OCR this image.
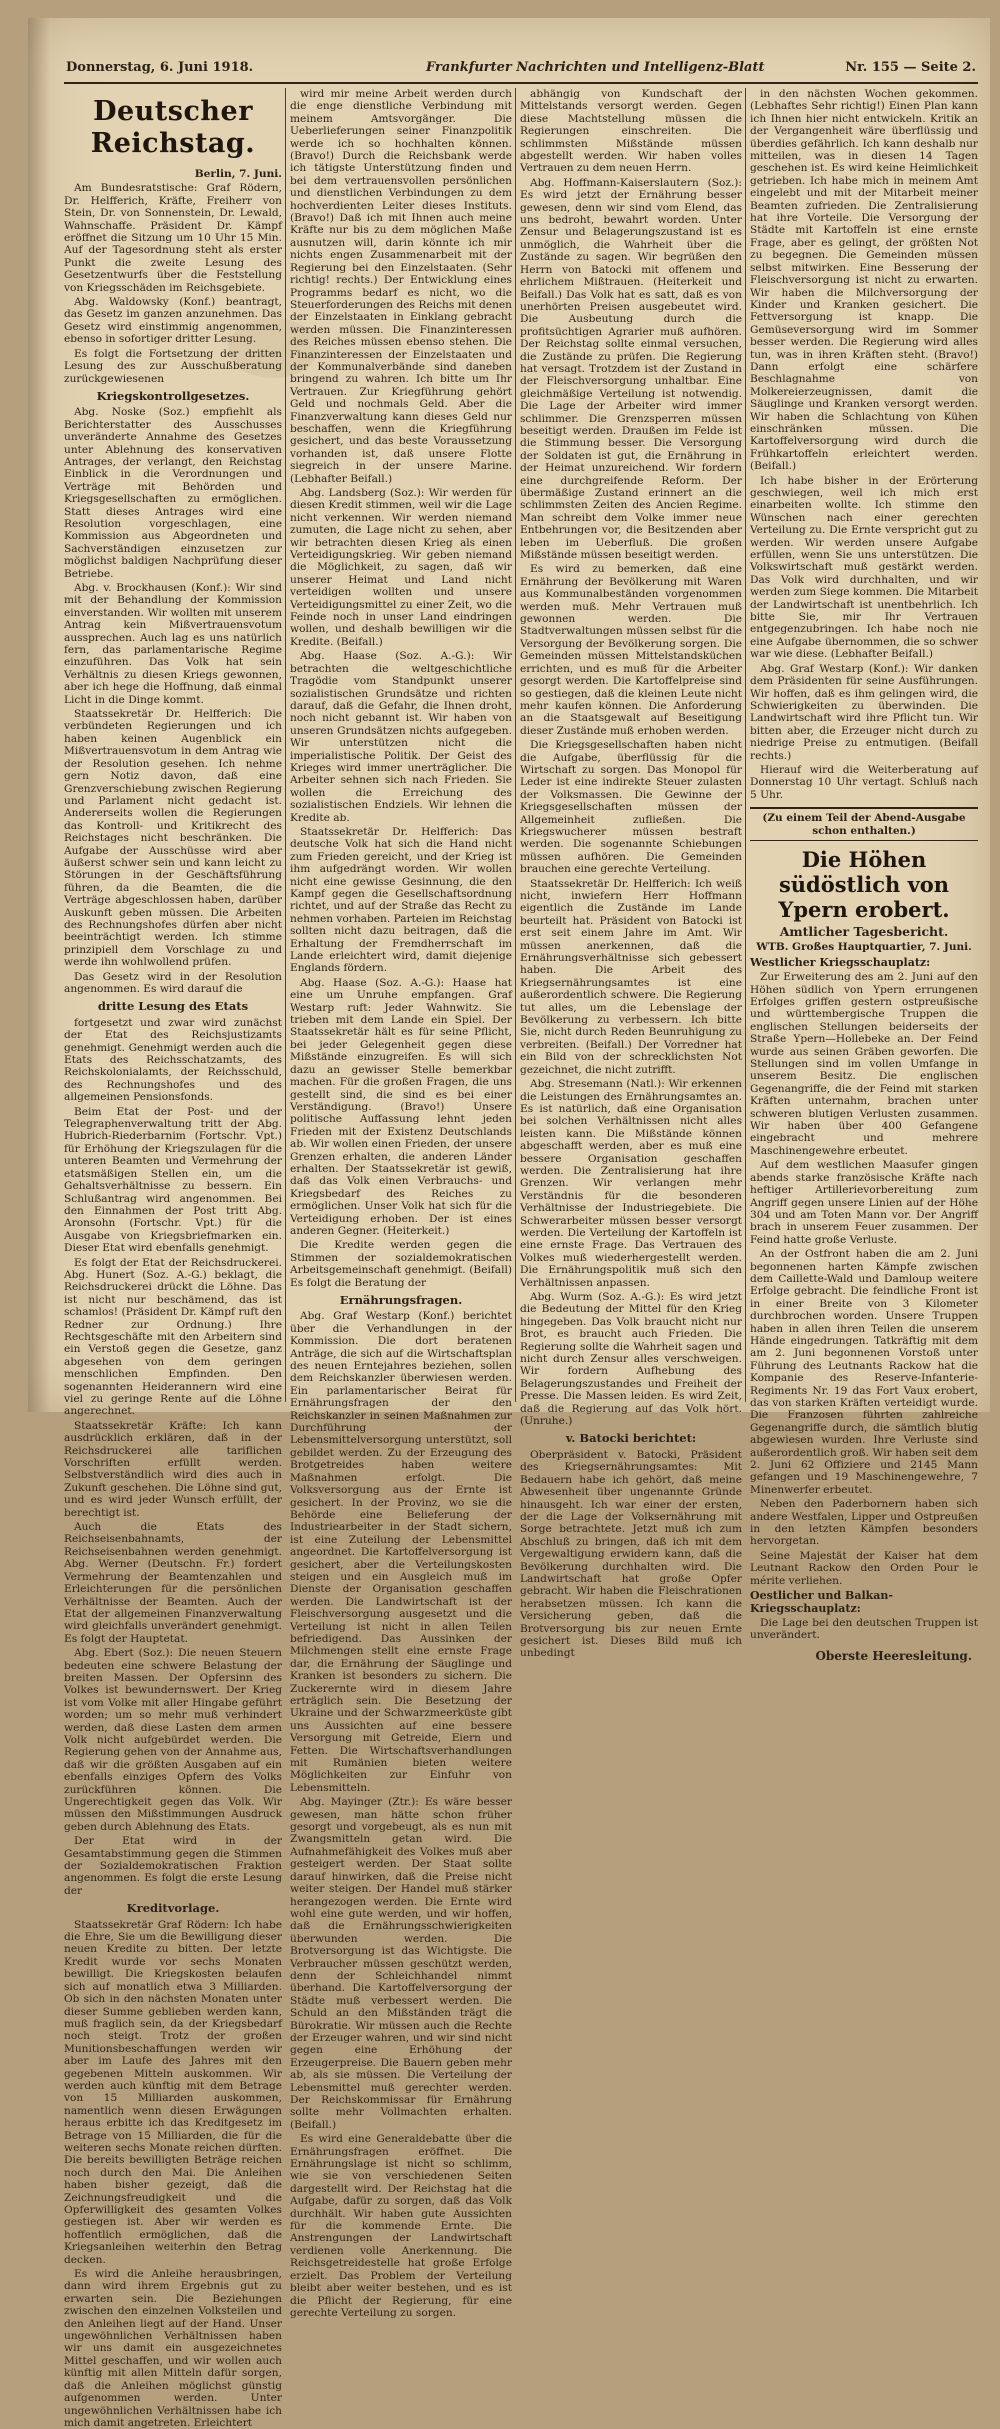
Donnerstag, 6. Juni 1918.	Frankfurter Nachrichten und Intelligenz-Blatt	Nr. 155 — Seite 2.
Deutscher Reichstag.
Berlin, 7. Juni.

Am Bundesratstische: Graf Rödern, Dr. Helfferich, Kräfte, Freiherr von Stein, Dr. von Sonnenstein, Dr. Lewald, Wahnschaffe. Präsident Dr. Kämpf eröffnet die Sitzung um 10 Uhr 15 Min. Auf der Tagesordnung steht als erster Punkt die zweite Lesung des Gesetzentwurfs über die Feststellung von Kriegsschäden im Reichsgebiete.

Abg. Waldowsky (Konf.) beantragt, das Gesetz im ganzen anzunehmen. Das Gesetz wird einstimmig angenommen, ebenso in sofortiger dritter Lesung.

Es folgt die Fortsetzung der dritten Lesung des zur Ausschußberatung zurückgewiesenen

Kriegskontrollgesetzes.

Abg. Noske (Soz.) empfiehlt als Berichterstatter des Ausschusses unveränderte Annahme des Gesetzes unter Ablehnung des konservativen Antrages, der verlangt, den Reichstag Einblick in die Verordnungen und Verträge mit Behörden und Kriegsgesellschaften zu ermöglichen. Statt dieses Antrages wird eine Resolution vorgeschlagen, eine Kommission aus Abgeordneten und Sachverständigen einzusetzen zur möglichst baldigen Nachprüfung dieser Betriebe.

Abg. v. Brockhausen (Konf.): Wir sind mit der Behandlung der Kommission einverstanden. Wir wollten mit unserem Antrag kein Mißvertrauensvotum aussprechen. Auch lag es uns natürlich fern, das parlamentarische Regime einzuführen. Das Volk hat sein Verhältnis zu diesen Kriegs gewonnen, aber ich hege die Hoffnung, daß einmal Licht in die Dinge kommt.

Staatssekretär Dr. Helfferich: Die verbündeten Regierungen und ich haben keinen Augenblick ein Mißvertrauensvotum in dem Antrag wie der Resolution gesehen. Ich nehme gern Notiz davon, daß eine Grenzverschiebung zwischen Regierung und Parlament nicht gedacht ist. Andererseits wollen die Regierungen das Kontroll- und Kritikrecht des Reichstages nicht beschränken. Die Aufgabe der Ausschüsse wird aber äußerst schwer sein und kann leicht zu Störungen in der Geschäftsführung führen, da die Beamten, die die Verträge abgeschlossen haben, darüber Auskunft geben müssen. Die Arbeiten des Rechnungshofes dürfen aber nicht beeinträchtigt werden. Ich stimme prinzipiell dem Vorschlage zu und werde ihn wohlwollend prüfen.

Das Gesetz wird in der Resolution angenommen. Es wird darauf die

dritte Lesung des Etats

fortgesetzt und zwar wird zunächst der Etat des Reichsjustizamts genehmigt. Genehmigt werden auch die Etats des Reichsschatzamts, des Reichskolonialamts, der Reichsschuld, des Rechnungshofes und des allgemeinen Pensionsfonds.

Beim Etat der Post- und der Telegraphenverwaltung tritt der Abg. Hubrich-Riederbarnim (Fortschr. Vpt.) für Erhöhung der Kriegszulagen für die unteren Beamten und Vermehrung der etatsmäßigen Stellen ein, um die Gehaltsverhältnisse zu bessern. Ein Schlußantrag wird angenommen. Bei den Einnahmen der Post tritt Abg. Aronsohn (Fortschr. Vpt.) für die Ausgabe von Kriegsbriefmarken ein. Dieser Etat wird ebenfalls genehmigt.

Es folgt der Etat der Reichsdruckerei. Abg. Hunert (Soz. A.-G.) beklagt, die Reichsdruckerei drückt die Löhne. Das ist nicht nur beschämend, das ist schamlos! (Präsident Dr. Kämpf ruft den Redner zur Ordnung.) Ihre Rechtsgeschäfte mit den Arbeitern sind ein Verstoß gegen die Gesetze, ganz abgesehen von dem geringen menschlichen Empfinden. Den sogenannten Heiderannern wird eine viel zu geringe Rente auf die Löhne angerechnet.

Staatssekretär Kräfte: Ich kann ausdrücklich erklären, daß in der Reichsdruckerei alle tariflichen Vorschriften erfüllt werden. Selbstverständlich wird dies auch in Zukunft geschehen. Die Löhne sind gut, und es wird jeder Wunsch erfüllt, der berechtigt ist.

Auch die Etats des Reichseisenbahnamts, der Reichseisenbahnen werden genehmigt. Abg. Werner (Deutschn. Fr.) fordert Vermehrung der Beamtenzahlen und Erleichterungen für die persönlichen Verhältnisse der Beamten. Auch der Etat der allgemeinen Finanzverwaltung wird gleichfalls unverändert genehmigt. Es folgt der Hauptetat.

Abg. Ebert (Soz.): Die neuen Steuern bedeuten eine schwere Belastung der breiten Massen. Der Opfersinn des Volkes ist bewundernswert. Der Krieg ist vom Volke mit aller Hingabe geführt worden; um so mehr muß verhindert werden, daß diese Lasten dem armen Volk nicht aufgebürdet werden. Die Regierung gehen von der Annahme aus, daß wir die größten Ausgaben auf ein ebenfalls einziges Opfern des Volks zurückführen können. Die Ungerechtigkeit gegen das Volk. Wir müssen den Mißstimmungen Ausdruck geben durch Ablehnung des Etats.

Der Etat wird in der Gesamtabstimmung gegen die Stimmen der Sozialdemokratischen Fraktion angenommen. Es folgt die erste Lesung der

Kreditvorlage.

Staatssekretär Graf Rödern: Ich habe die Ehre, Sie um die Bewilligung dieser neuen Kredite zu bitten. Der letzte Kredit wurde vor sechs Monaten bewilligt. Die Kriegskosten belaufen sich auf monatlich etwa 3 Milliarden. Ob sich in den nächsten Monaten unter dieser Summe geblieben werden kann, muß fraglich sein, da der Kriegsbedarf noch steigt. Trotz der großen Munitionsbeschaffungen werden wir aber im Laufe des Jahres mit den gegebenen Mitteln auskommen. Wir werden auch künftig mit dem Betrage von 15 Milliarden auskommen, namentlich wenn diesen Erwägungen heraus erbitte ich das Kreditgesetz im Betrage von 15 Milliarden, die für die weiteren sechs Monate reichen dürften. Die bereits bewilligten Beträge reichen noch durch den Mai. Die Anleihen haben bisher gezeigt, daß die Zeichnungsfreudigkeit und die Opferwilligkeit des gesamten Volkes gestiegen ist. Aber wir werden es hoffentlich ermöglichen, daß die Kriegsanleihen weiterhin den Betrag decken.

Es wird die Anleihe herausbringen, dann wird ihrem Ergebnis gut zu erwarten sein. Die Beziehungen zwischen den einzelnen Volksteilen und den Anleihen liegt auf der Hand. Unser ungewöhnlichen Verhältnissen haben wir uns damit ein ausgezeichnetes Mittel geschaffen, und wir wollen auch künftig mit allen Mitteln dafür sorgen, daß die Anleihen möglichst günstig aufgenommen werden. Unter ungewöhnlichen Verhältnissen habe ich mich damit angetreten. Erleichtert

wird mir meine Arbeit werden durch die enge dienstliche Verbindung mit meinem Amtsvorgänger. Die Ueberlieferungen seiner Finanzpolitik werde ich so hochhalten können. (Bravo!) Durch die Reichsbank werde ich tätigste Unterstützung finden und bei dem vertrauensvollen persönlichen und dienstlichen Verbindungen zu dem hochverdienten Leiter dieses Instituts. (Bravo!) Daß ich mit Ihnen auch meine Kräfte nur bis zu dem möglichen Maße ausnutzen will, darin könnte ich mir nichts engen Zusammenarbeit mit der Regierung bei den Einzelstaaten. (Sehr richtig! rechts.) Der Entwicklung eines Programms bedarf es nicht, wo die Steuerforderungen des Reichs mit denen der Einzelstaaten in Einklang gebracht werden müssen. Die Finanzinteressen des Reiches müssen ebenso stehen. Die Finanzinteressen der Einzelstaaten und der Kommunalverbände sind daneben bringend zu wahren. Ich bitte um Ihr Vertrauen. Zur Kriegführung gehört Geld und nochmals Geld. Aber die Finanzverwaltung kann dieses Geld nur beschaffen, wenn die Kriegführung gesichert, und das beste Voraussetzung vorhanden ist, daß unsere Flotte siegreich in der unsere Marine. (Lebhafter Beifall.)

Abg. Landsberg (Soz.): Wir werden für diesen Kredit stimmen, weil wir die Lage nicht verkennen. Wir werden niemand zumuten, die Lage nicht zu sehen, aber wir betrachten diesen Krieg als einen Verteidigungskrieg. Wir geben niemand die Möglichkeit, zu sagen, daß wir unserer Heimat und Land nicht verteidigen wollten und unsere Verteidigungsmittel zu einer Zeit, wo die Feinde noch in unser Land eindringen wollen, und deshalb bewilligen wir die Kredite. (Beifall.)

Abg. Haase (Soz. A.-G.): Wir betrachten die weltgeschichtliche Tragödie vom Standpunkt unserer sozialistischen Grundsätze und richten darauf, daß die Gefahr, die Ihnen droht, noch nicht gebannt ist. Wir haben von unseren Grundsätzen nichts aufgegeben. Wir unterstützen nicht die imperialistische Politik. Der Geist des Krieges wird immer unerträglicher. Die Arbeiter sehnen sich nach Frieden. Sie wollen die Erreichung des sozialistischen Endziels. Wir lehnen die Kredite ab.

Staatssekretär Dr. Helfferich: Das deutsche Volk hat sich die Hand nicht zum Frieden gereicht, und der Krieg ist ihm aufgedrängt worden. Wir wollen nicht eine gewisse Gesinnung, die den Kampf gegen die Gesellschaftsordnung richtet, und auf der Straße das Recht zu nehmen vorhaben. Parteien im Reichstag sollten nicht dazu beitragen, daß die Erhaltung der Fremdherrschaft im Lande erleichtert wird, damit diejenige Englands fördern.

Abg. Haase (Soz. A.-G.): Haase hat eine um Unruhe empfangen. Graf Westarp ruft: Jeder Wahnwitz. Sie trieben mit dem Lande ein Spiel. Der Staatssekretär hält es für seine Pflicht, bei jeder Gelegenheit gegen diese Mißstände einzugreifen. Es will sich dazu an gewisser Stelle bemerkbar machen. Für die großen Fragen, die uns gestellt sind, die sind es bei einer Verständigung. (Bravo!) Unsere politische Auffassung lehnt jeden Frieden mit der Existenz Deutschlands ab. Wir wollen einen Frieden, der unsere Grenzen erhalten, die anderen Länder erhalten. Der Staatssekretär ist gewiß, daß das Volk einen Verbrauchs- und Kriegsbedarf des Reiches zu ermöglichen. Unser Volk hat sich für die Verteidigung erhoben. Der ist eines anderen Gegner. (Heiterkeit.)

Die Kredite werden gegen die Stimmen der sozialdemokratischen Arbeitsgemeinschaft genehmigt. (Beifall) Es folgt die Beratung der

Ernährungsfragen.

Abg. Graf Westarp (Konf.) berichtet über die Verhandlungen in der Kommission. Die dort beratenen Anträge, die sich auf die Wirtschaftsplan des neuen Erntejahres beziehen, sollen dem Reichskanzler überwiesen werden. Ein parlamentarischer Beirat für Ernährungsfragen der den Reichskanzler in seinen Maßnahmen zur Durchführung der Lebensmittelversorgung unterstützt, soll gebildet werden. Zu der Erzeugung des Brotgetreides haben weitere Maßnahmen erfolgt. Die Volksversorgung aus der Ernte ist gesichert. In der Provinz, wo sie die Behörde eine Belieferung der Industriearbeiter in der Stadt sichern, ist eine Zuteilung der Lebensmittel angeordnet. Die Kartoffelversorgung ist gesichert, aber die Verteilungskosten steigen und ein Ausgleich muß im Dienste der Organisation geschaffen werden. Die Landwirtschaft ist der Fleischversorgung ausgesetzt und die Verteilung ist nicht in allen Teilen befriedigend. Das Aussinken der Milchmengen stellt eine ernste Frage dar, die Ernährung der Säuglinge und Kranken ist besonders zu sichern. Die Zuckerernte wird in diesem Jahre erträglich sein. Die Besetzung der Ukraine und der Schwarzmeerküste gibt uns Aussichten auf eine bessere Versorgung mit Getreide, Eiern und Fetten. Die Wirtschaftsverhandlungen mit Rumänien bieten weitere Möglichkeiten zur Einfuhr von Lebensmitteln.

Abg. Mayinger (Ztr.): Es wäre besser gewesen, man hätte schon früher gesorgt und vorgebeugt, als es nun mit Zwangsmitteln getan wird. Die Aufnahmefähigkeit des Volkes muß aber gesteigert werden. Der Staat sollte darauf hinwirken, daß die Preise nicht weiter steigen. Der Handel muß stärker herangezogen werden. Die Ernte wird wohl eine gute werden, und wir hoffen, daß die Ernährungsschwierigkeiten überwunden werden. Die Brotversorgung ist das Wichtigste. Die Verbraucher müssen geschützt werden, denn der Schleichhandel nimmt überhand. Die Kartoffelversorgung der Städte muß verbessert werden. Die Schuld an den Mißständen trägt die Bürokratie. Wir müssen auch die Rechte der Erzeuger wahren, und wir sind nicht gegen eine Erhöhung der Erzeugerpreise. Die Bauern geben mehr ab, als sie müssen. Die Verteilung der Lebensmittel muß gerechter werden. Der Reichskommissar für Ernährung sollte mehr Vollmachten erhalten. (Beifall.)

Es wird eine Generaldebatte über die Ernährungsfragen eröffnet. Die Ernährungslage ist nicht so schlimm, wie sie von verschiedenen Seiten dargestellt wird. Der Reichstag hat die Aufgabe, dafür zu sorgen, daß das Volk durchhält. Wir haben gute Aussichten für die kommende Ernte. Die Anstrengungen der Landwirtschaft verdienen volle Anerkennung. Die Reichsgetreidestelle hat große Erfolge erzielt. Das Problem der Verteilung bleibt aber weiter bestehen, und es ist die Pflicht der Regierung, für eine gerechte Verteilung zu sorgen.

abhängig von Kundschaft der Mittelstands versorgt werden. Gegen diese Machtstellung müssen die Regierungen einschreiten. Die schlimmsten Mißstände müssen abgestellt werden. Wir haben volles Vertrauen zu dem neuen Herrn.

Abg. Hoffmann-Kaiserslautern (Soz.): Es wird jetzt der Ernährung besser gewesen, denn wir sind vom Elend, das uns bedroht, bewahrt worden. Unter Zensur und Belagerungszustand ist es unmöglich, die Wahrheit über die Zustände zu sagen. Wir begrüßen den Herrn von Batocki mit offenem und ehrlichem Mißtrauen. (Heiterkeit und Beifall.) Das Volk hat es satt, daß es von unerhörten Preisen ausgebeutet wird. Die Ausbeutung durch die profitsüchtigen Agrarier muß aufhören. Der Reichstag sollte einmal versuchen, die Zustände zu prüfen. Die Regierung hat versagt. Trotzdem ist der Zustand in der Fleischversorgung unhaltbar. Eine gleichmäßige Verteilung ist notwendig. Die Lage der Arbeiter wird immer schlimmer. Die Grenzsperren müssen beseitigt werden. Draußen im Felde ist die Stimmung besser. Die Versorgung der Soldaten ist gut, die Ernährung in der Heimat unzureichend. Wir fordern eine durchgreifende Reform. Der übermäßige Zustand erinnert an die schlimmsten Zeiten des Ancien Regime. Man schreibt dem Volke immer neue Entbehrungen vor, die Besitzenden aber leben im Ueberfluß. Die großen Mißstände müssen beseitigt werden.

Es wird zu bemerken, daß eine Ernährung der Bevölkerung mit Waren aus Kommunalbeständen vorgenommen werden muß. Mehr Vertrauen muß gewonnen werden. Die Stadtverwaltungen müssen selbst für die Versorgung der Bevölkerung sorgen. Die Gemeinden müssen Mittelstandsküchen errichten, und es muß für die Arbeiter gesorgt werden. Die Kartoffelpreise sind so gestiegen, daß die kleinen Leute nicht mehr kaufen können. Die Anforderung an die Staatsgewalt auf Beseitigung dieser Zustände muß erhoben werden.

Die Kriegsgesellschaften haben nicht die Aufgabe, überflüssig für die Wirtschaft zu sorgen. Das Monopol für Leder ist eine indirekte Steuer zulasten der Volksmassen. Die Gewinne der Kriegsgesellschaften müssen der Allgemeinheit zufließen. Die Kriegswucherer müssen bestraft werden. Die sogenannte Schiebungen müssen aufhören. Die Gemeinden brauchen eine gerechte Verteilung.

Staatssekretär Dr. Helfferich: Ich weiß nicht, inwiefern Herr Hoffmann eigentlich die Zustände im Lande beurteilt hat. Präsident von Batocki ist erst seit einem Jahre im Amt. Wir müssen anerkennen, daß die Ernährungsverhältnisse sich gebessert haben. Die Arbeit des Kriegsernährungsamtes ist eine außerordentlich schwere. Die Regierung tut alles, um die Lebenslage der Bevölkerung zu verbessern. Ich bitte Sie, nicht durch Reden Beunruhigung zu verbreiten. (Beifall.) Der Vorredner hat ein Bild von der schrecklichsten Not gezeichnet, die nicht zutrifft.

Abg. Stresemann (Natl.): Wir erkennen die Leistungen des Ernährungsamtes an. Es ist natürlich, daß eine Organisation bei solchen Verhältnissen nicht alles leisten kann. Die Mißstände können abgeschafft werden, aber es muß eine bessere Organisation geschaffen werden. Die Zentralisierung hat ihre Grenzen. Wir verlangen mehr Verständnis für die besonderen Verhältnisse der Industriegebiete. Die Schwerarbeiter müssen besser versorgt werden. Die Verteilung der Kartoffeln ist eine ernste Frage. Das Vertrauen des Volkes muß wiederhergestellt werden. Die Ernährungspolitik muß sich den Verhältnissen anpassen.

Abg. Wurm (Soz. A.-G.): Es wird jetzt die Bedeutung der Mittel für den Krieg hingegeben. Das Volk braucht nicht nur Brot, es braucht auch Frieden. Die Regierung sollte die Wahrheit sagen und nicht durch Zensur alles verschweigen. Wir fordern Aufhebung des Belagerungszustandes und Freiheit der Presse. Die Massen leiden. Es wird Zeit, daß die Regierung auf das Volk hört. (Unruhe.)

v. Batocki berichtet:

Oberpräsident v. Batocki, Präsident des Kriegsernährungsamtes: Mit Bedauern habe ich gehört, daß meine Abwesenheit über ungenannte Gründe hinausgeht. Ich war einer der ersten, der die Lage der Volksernährung mit Sorge betrachtete. Jetzt muß ich zum Abschluß zu bringen, daß ich mit dem Vergewaltigung erwidern kann, daß die Bevölkerung durchhalten wird. Die Landwirtschaft hat große Opfer gebracht. Wir haben die Fleischrationen herabsetzen müssen. Ich kann die Versicherung geben, daß die Brotversorgung bis zur neuen Ernte gesichert ist. Dieses Bild muß ich unbedingt

in den nächsten Wochen gekommen. (Lebhaftes Sehr richtig!) Einen Plan kann ich Ihnen hier nicht entwickeln. Kritik an der Vergangenheit wäre überflüssig und überdies gefährlich. Ich kann deshalb nur mitteilen, was in diesen 14 Tagen geschehen ist. Es wird keine Heimlichkeit getrieben. Ich habe mich in meinem Amt eingelebt und mit der Mitarbeit meiner Beamten zufrieden. Die Zentralisierung hat ihre Vorteile. Die Versorgung der Städte mit Kartoffeln ist eine ernste Frage, aber es gelingt, der größten Not zu begegnen. Die Gemeinden müssen selbst mitwirken. Eine Besserung der Fleischversorgung ist nicht zu erwarten. Wir haben die Milchversorgung der Kinder und Kranken gesichert. Die Fettversorgung ist knapp. Die Gemüseversorgung wird im Sommer besser werden. Die Regierung wird alles tun, was in ihren Kräften steht. (Bravo!) Dann erfolgt eine schärfere Beschlagnahme von Molkereierzeugnissen, damit die Säuglinge und Kranken versorgt werden. Wir haben die Schlachtung von Kühen einschränken müssen. Die Kartoffelversorgung wird durch die Frühkartoffeln erleichtert werden. (Beifall.)

Ich habe bisher in der Erörterung geschwiegen, weil ich mich erst einarbeiten wollte. Ich stimme den Wünschen nach einer gerechten Verteilung zu. Die Ernte verspricht gut zu werden. Wir werden unsere Aufgabe erfüllen, wenn Sie uns unterstützen. Die Volkswirtschaft muß gestärkt werden. Das Volk wird durchhalten, und wir werden zum Siege kommen. Die Mitarbeit der Landwirtschaft ist unentbehrlich. Ich bitte Sie, mir Ihr Vertrauen entgegenzubringen. Ich habe noch nie eine Aufgabe übernommen, die so schwer war wie diese. (Lebhafter Beifall.)

Abg. Graf Westarp (Konf.): Wir danken dem Präsidenten für seine Ausführungen. Wir hoffen, daß es ihm gelingen wird, die Schwierigkeiten zu überwinden. Die Landwirtschaft wird ihre Pflicht tun. Wir bitten aber, die Erzeuger nicht durch zu niedrige Preise zu entmutigen. (Beifall rechts.)

Hierauf wird die Weiterberatung auf Donnerstag 10 Uhr vertagt. Schluß nach 5 Uhr.

(Zu einem Teil der Abend-Ausgabe schon enthalten.)
Die Höhen südöstlich von Ypern erobert.
Amtlicher Tagesbericht.
WTB. Großes Hauptquartier, 7. Juni.
Westlicher Kriegsschauplatz:

Zur Erweiterung des am 2. Juni auf den Höhen südlich von Ypern errungenen Erfolges griffen gestern ostpreußische und württembergische Truppen die englischen Stellungen beiderseits der Straße Ypern—Hollebeke an. Der Feind wurde aus seinen Gräben geworfen. Die Stellungen sind im vollen Umfange in unserem Besitz. Die englischen Gegenangriffe, die der Feind mit starken Kräften unternahm, brachen unter schweren blutigen Verlusten zusammen. Wir haben über 400 Gefangene eingebracht und mehrere Maschinengewehre erbeutet.

Auf dem westlichen Maasufer gingen abends starke französische Kräfte nach heftiger Artillerievorbereitung zum Angriff gegen unsere Linien auf der Höhe 304 und am Toten Mann vor. Der Angriff brach in unserem Feuer zusammen. Der Feind hatte große Verluste.

An der Ostfront haben die am 2. Juni begonnenen harten Kämpfe zwischen dem Caillette-Wald und Damloup weitere Erfolge gebracht. Die feindliche Front ist in einer Breite von 3 Kilometer durchbrochen worden. Unsere Truppen haben in allen ihren Teilen die unserem Hände eingedrungen. Tatkräftig mit dem am 2. Juni begonnenen Vorstoß unter Führung des Leutnants Rackow hat die Kompanie des Reserve-Infanterie-Regiments Nr. 19 das Fort Vaux erobert, das von starken Kräften verteidigt wurde. Die Franzosen führten zahlreiche Gegenangriffe durch, die sämtlich blutig abgewiesen wurden. Ihre Verluste sind außerordentlich groß. Wir haben seit dem 2. Juni 62 Offiziere und 2145 Mann gefangen und 19 Maschinengewehre, 7 Minenwerfer erbeutet.

Neben den Paderbornern haben sich andere Westfalen, Lipper und Ostpreußen in den letzten Kämpfen besonders hervorgetan.

Seine Majestät der Kaiser hat dem Leutnant Rackow den Orden Pour le mérite verliehen.

Oestlicher und Balkan-Kriegsschauplatz:

Die Lage bei den deutschen Truppen ist unverändert.

Oberste Heeresleitung.
